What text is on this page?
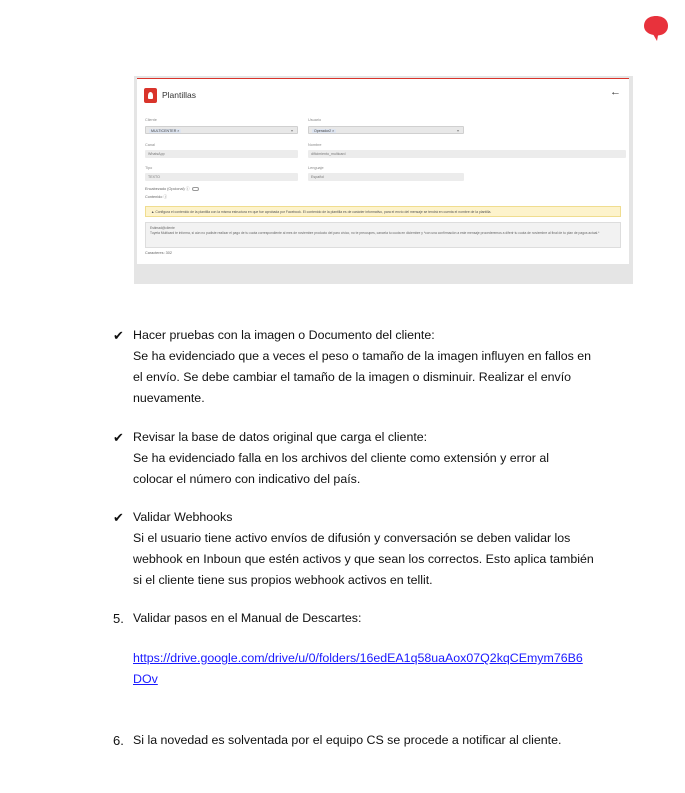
Plantillas	←
Cliente
MULTICENTER ×	▾
Usuario
Operador2 ×	▾
Canal
WhatsApp
Nombre
dificimiento_multicard
Tipo
TEXTO
Lenguaje
Español
Encabezado (Opcional) ⓘ
Contenido ⓘ
▲ Configura el contenido de la plantilla con la misma estructura en que fue aprobada por Facebook. El contenido de la plantilla es de carácter informativo, para el envío del mensaje se tendrá en cuenta el nombre de la plantilla.
Estimad@cliente
Tuyeta Multicard te informa, si aún no pudiste realizar el pago de tu cuota correspondiente al mes de noviembre producto del paro cívico, no te preocupes, cancela tu cuota en diciembre y *con una confirmación a este mensaje procederemos a diferir tu cuota de noviembre al final de tu plan de pagos actual.*
Caracteres: 302
✔ Hacer pruebas con la imagen o Documento del cliente:
Se ha evidenciado que a veces el peso o tamaño de la imagen influyen en fallos en
el envío. Se debe cambiar el tamaño de la imagen o disminuir. Realizar el envío
nuevamente.
✔ Revisar la base de datos original que carga el cliente:
Se ha evidenciado falla en los archivos del cliente como extensión y error al
colocar el número con indicativo del país.
✔ Validar Webhooks
Si el usuario tiene activo envíos de difusión y conversación se deben validar los
webhook en Inboun que estén activos y que sean los correctos. Esto aplica también
si el cliente tiene sus propios webhook activos en tellit.
5. Validar pasos en el Manual de Descartes:
https://drive.google.com/drive/u/0/folders/16edEA1q58uaAox07Q2kqCEmym76B6
DOv
6. Si la novedad es solventada por el equipo CS se procede a notificar al cliente.
